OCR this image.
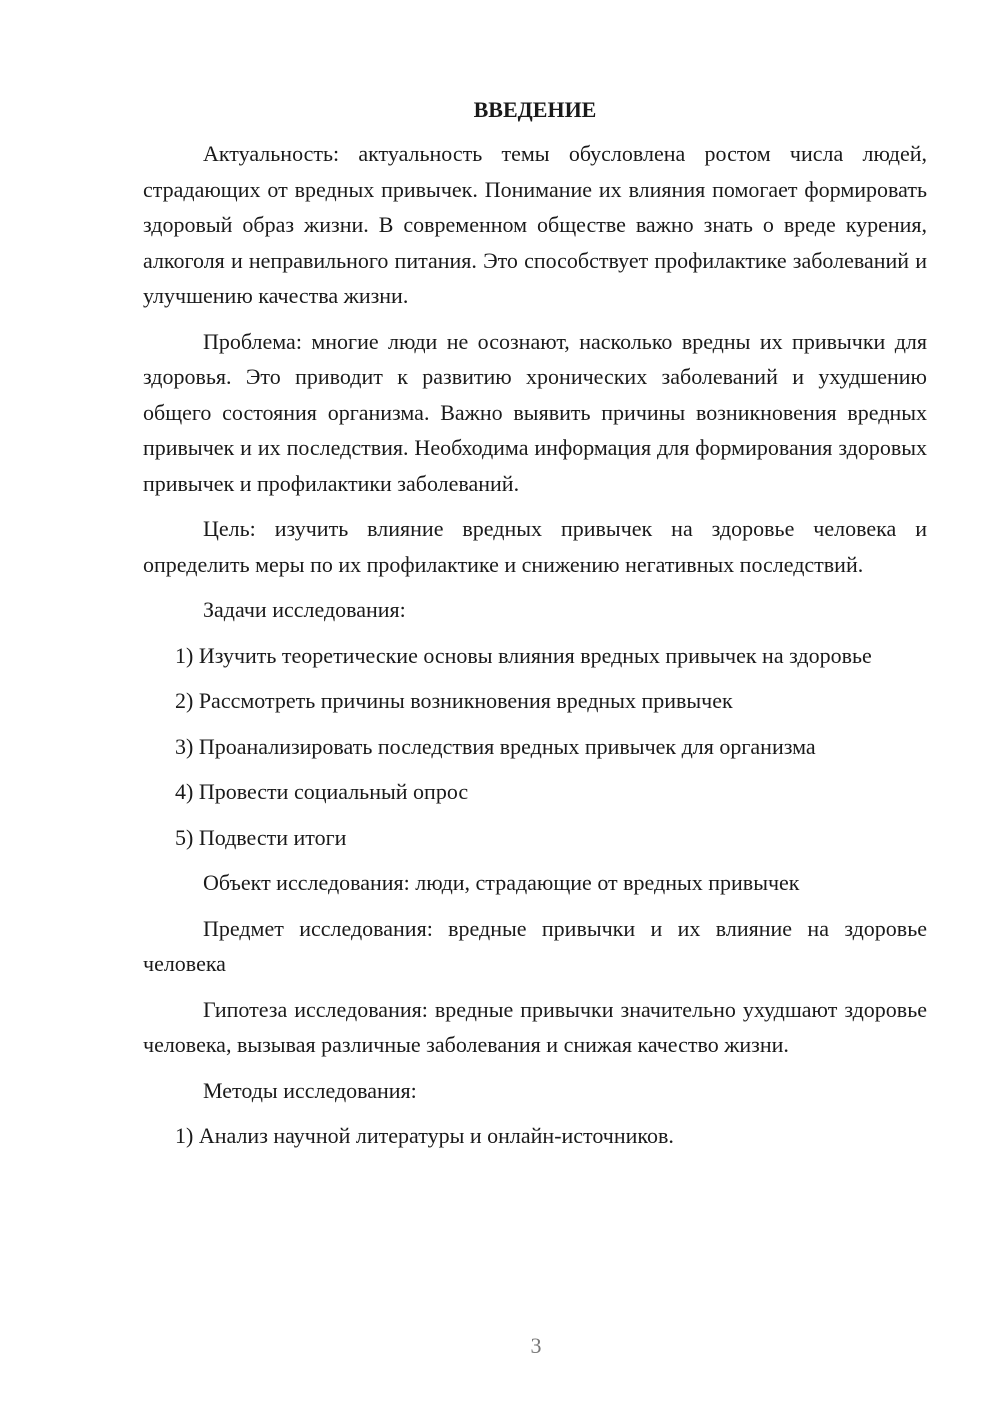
ВВЕДЕНИЕ

Актуальность: актуальность темы обусловлена ростом числа людей, страдающих от вредных привычек. Понимание их влияния помогает формировать здоровый образ жизни. В современном обществе важно знать о вреде курения, алкоголя и неправильного питания. Это способствует профилактике заболеваний и улучшению качества жизни.

Проблема: многие люди не осознают, насколько вредны их привычки для здоровья. Это приводит к развитию хронических заболеваний и ухудшению общего состояния организма. Важно выявить причины возникновения вредных привычек и их последствия. Необходима информация для формирования здоровых привычек и профилактики заболеваний.

Цель: изучить влияние вредных привычек на здоровье человека и определить меры по их профилактике и снижению негативных последствий.

Задачи исследования:

1) Изучить теоретические основы влияния вредных привычек на здоровье

2) Рассмотреть причины возникновения вредных привычек

3) Проанализировать последствия вредных привычек для организма

4) Провести социальный опрос

5) Подвести итоги

Объект исследования: люди, страдающие от вредных привычек

Предмет исследования: вредные привычки и их влияние на здоровье человека

Гипотеза исследования: вредные привычки значительно ухудшают здоровье человека, вызывая различные заболевания и снижая качество жизни.

Методы исследования:

1) Анализ научной литературы и онлайн-источников.

3
